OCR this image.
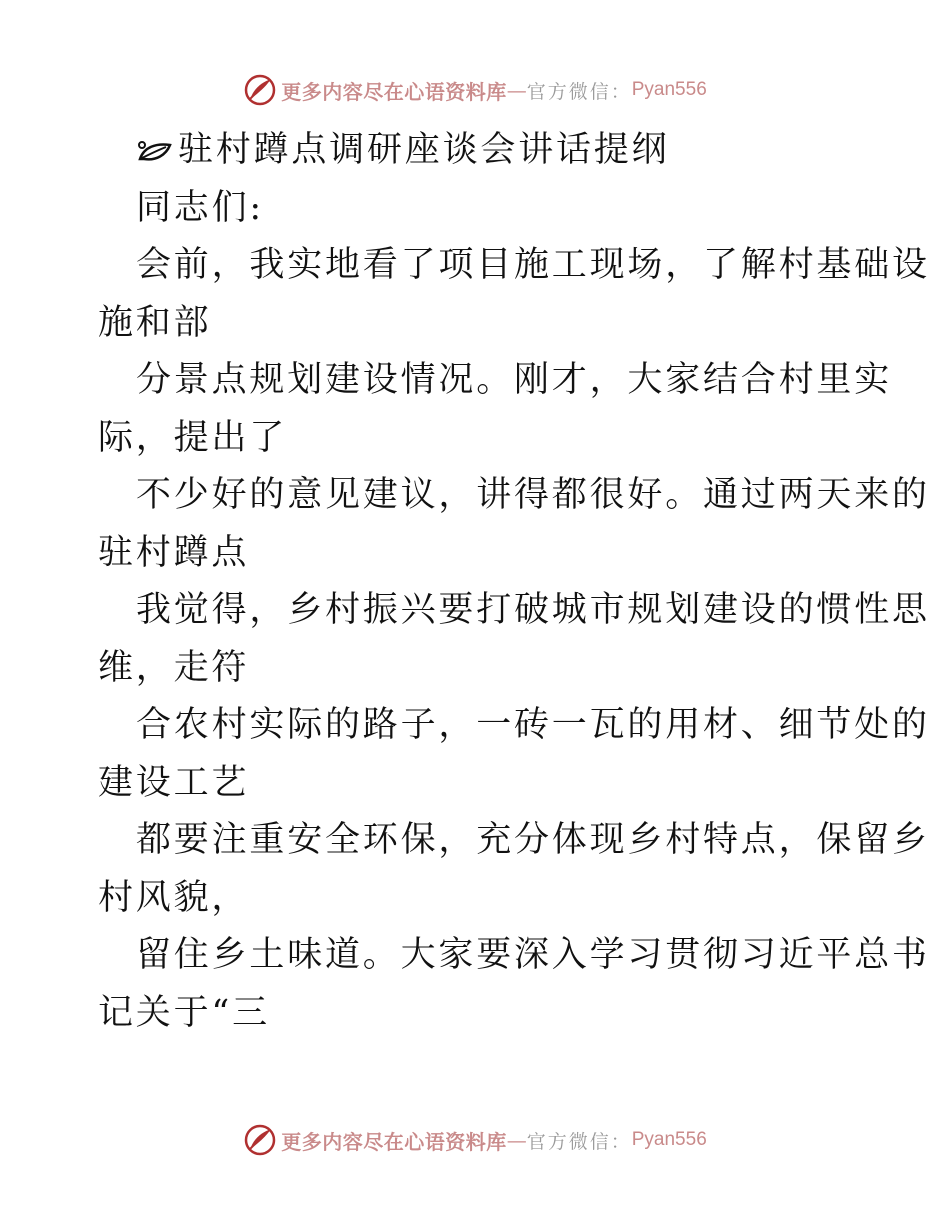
更多内容尽在心语资料库 — 官方微信： Pyan556
驻村蹲点调研座谈会讲话提纲
同志们:
会前，我实地看了项目施工现场，了解村基础设
施和部
分景点规划建设情况。刚才，大家结合村里实
际，提出了
不少好的意见建议，讲得都很好。通过两天来的
驻村蹲点
我觉得，乡村振兴要打破城市规划建设的惯性思
维，走符
合农村实际的路子，一砖一瓦的用材、细节处的
建设工艺
都要注重安全环保，充分体现乡村特点，保留乡
村风貌，
留住乡土味道。大家要深入学习贯彻习近平总书
记关于“三
更多内容尽在心语资料库 — 官方微信： Pyan556
